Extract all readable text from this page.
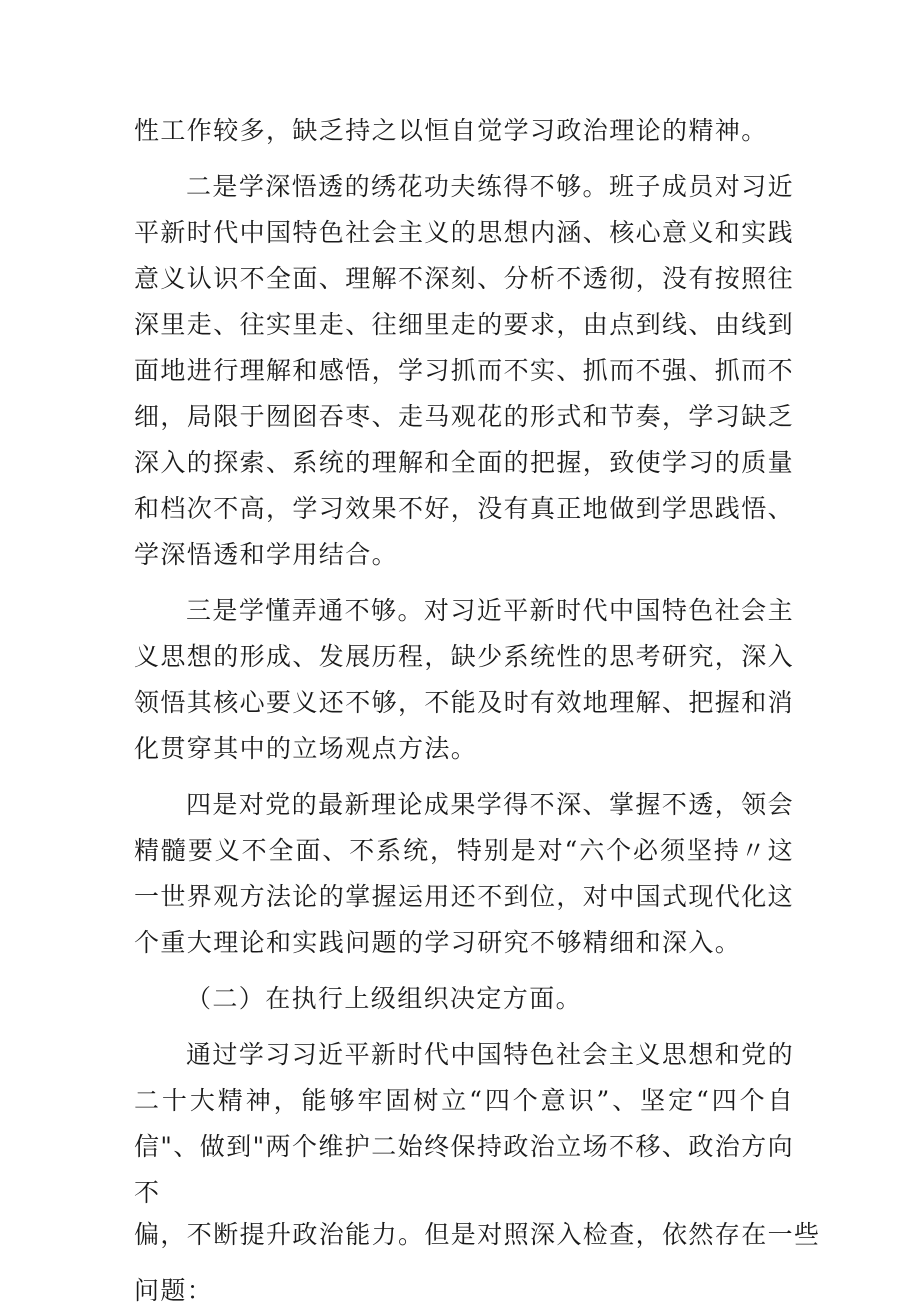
性工作较多，缺乏持之以恒自觉学习政治理论的精神。

二是学深悟透的绣花功夫练得不够。班子成员对习近平新时代中国特色社会主义的思想内涵、核心意义和实践意义认识不全面、理解不深刻、分析不透彻，没有按照往深里走、往实里走、往细里走的要求，由点到线、由线到面地进行理解和感悟，学习抓而不实、抓而不强、抓而不细，局限于囫囵吞枣、走马观花的形式和节奏，学习缺乏深入的探索、系统的理解和全面的把握，致使学习的质量和档次不高，学习效果不好，没有真正地做到学思践悟、学深悟透和学用结合。

三是学懂弄通不够。对习近平新时代中国特色社会主义思想的形成、发展历程，缺少系统性的思考研究，深入领悟其核心要义还不够，不能及时有效地理解、把握和消化贯穿其中的立场观点方法。

四是对党的最新理论成果学得不深、掌握不透，领会精髓要义不全面、不系统，特别是对“六个必须坚持〃这一世界观方法论的掌握运用还不到位，对中国式现代化这个重大理论和实践问题的学习研究不够精细和深入。

（二）在执行上级组织决定方面。

通过学习习近平新时代中国特色社会主义思想和党的二十大精神，能够牢固树立“四个意识”、坚定“四个自信"、做到"两个维护二始终保持政治立场不移、政治方向不

偏，不断提升政治能力。但是对照深入检查，依然存在一些

问题：
